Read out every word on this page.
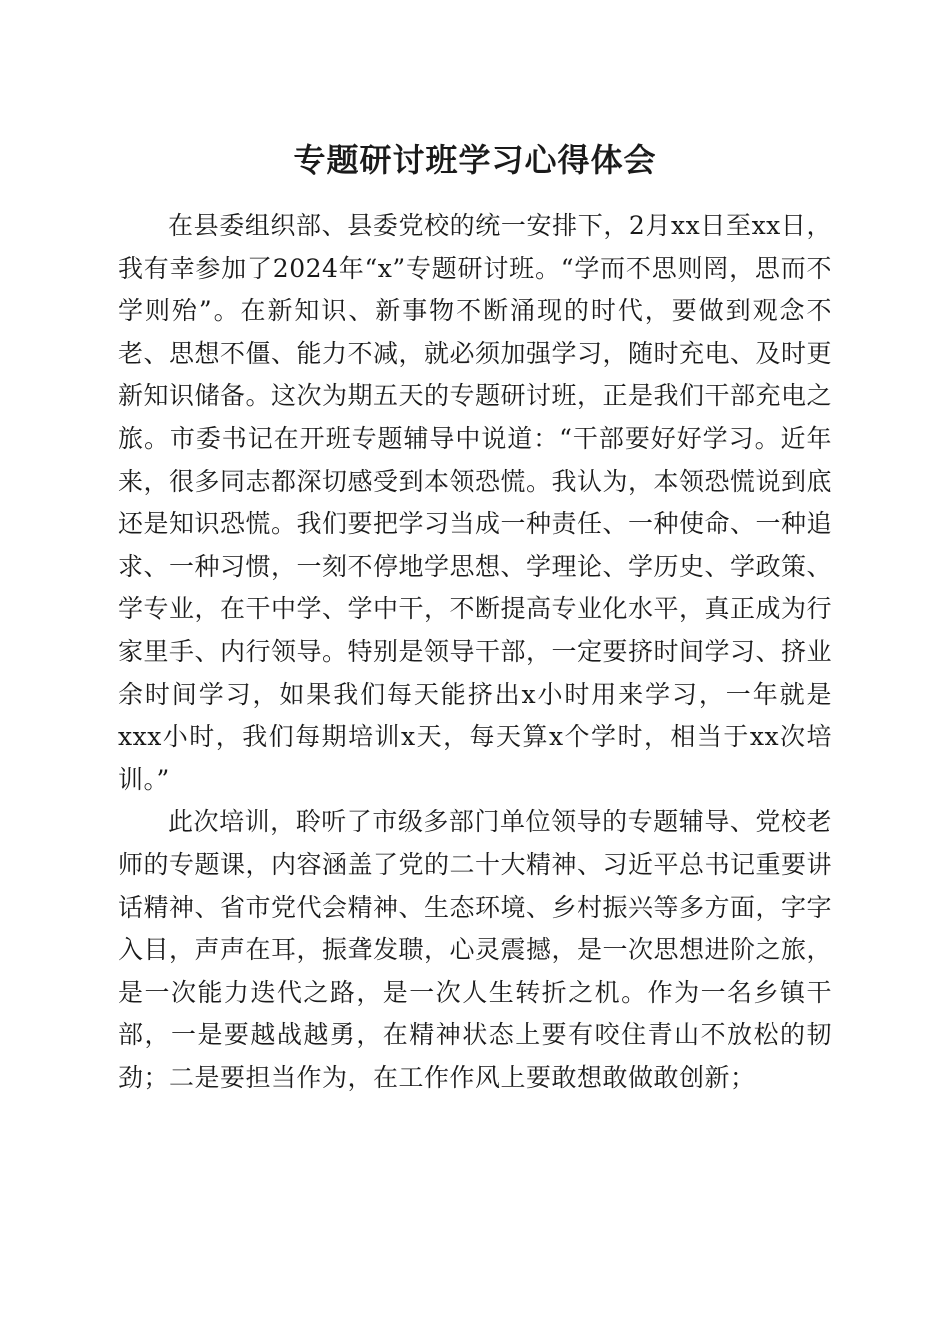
专题研讨班学习心得体会

在县委组织部、县委党校的统一安排下，2月xx日至xx日，我有幸参加了2024年“x”专题研讨班。“学而不思则罔，思而不学则殆”。在新知识、新事物不断涌现的时代，要做到观念不老、思想不僵、能力不减，就必须加强学习，随时充电、及时更新知识储备。这次为期五天的专题研讨班，正是我们干部充电之旅。市委书记在开班专题辅导中说道：“干部要好好学习。近年来，很多同志都深切感受到本领恐慌。我认为，本领恐慌说到底还是知识恐慌。我们要把学习当成一种责任、一种使命、一种追求、一种习惯，一刻不停地学思想、学理论、学历史、学政策、学专业，在干中学、学中干，不断提高专业化水平，真正成为行家里手、内行领导。特别是领导干部，一定要挤时间学习、挤业余时间学习，如果我们每天能挤出x小时用来学习，一年就是xxx小时，我们每期培训x天，每天算x个学时，相当于xx次培训。”

此次培训，聆听了市级多部门单位领导的专题辅导、党校老师的专题课，内容涵盖了党的二十大精神、习近平总书记重要讲话精神、省市党代会精神、生态环境、乡村振兴等多方面，字字入目，声声在耳，振聋发聩，心灵震撼，是一次思想进阶之旅，是一次能力迭代之路，是一次人生转折之机。作为一名乡镇干部，一是要越战越勇，在精神状态上要有咬住青山不放松的韧劲；二是要担当作为，在工作作风上要敢想敢做敢创新；
